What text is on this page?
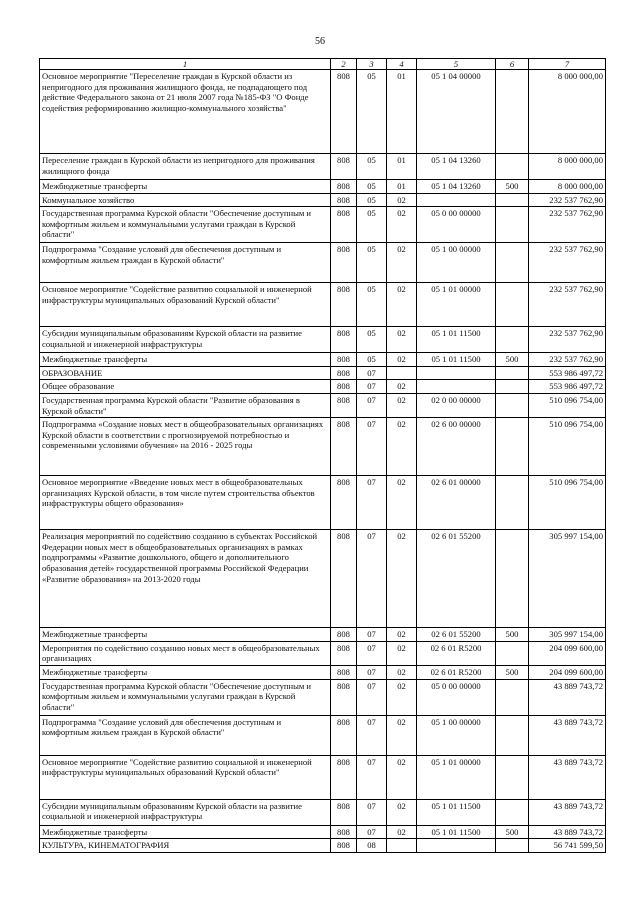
56
1	2	3	4	5	6	7
Основное мероприятие "Переселение граждан в Курской области из непригодного для проживания жилищного фонда, не подпадающего под действие Федерального закона от 21 июля 2007 года №185-ФЗ "О Фонде содействия реформированию жилищно-коммунального хозяйства"	808	05	01	05 1 04 00000		8 000 000,00
Переселение граждан в Курской области из непригодного для проживания жилищного фонда	808	05	01	05 1 04 13260		8 000 000,00
Межбюджетные трансферты	808	05	01	05 1 04 13260	500	8 000 000,00
Коммунальное хозяйство	808	05	02			232 537 762,90
Государственная программа Курской области "Обеспечение доступным и комфортным жильем и коммунальными услугами граждан в Курской области"	808	05	02	05 0 00 00000		232 537 762,90
Подпрограмма "Создание условий для обеспечения доступным и комфортным жильем граждан в Курской области"	808	05	02	05 1 00 00000		232 537 762,90
Основное мероприятие "Содействие развитию социальной и инженерной инфраструктуры муниципальных образований Курской области"	808	05	02	05 1 01 00000		232 537 762,90
Субсидии муниципальным образованиям Курской области на развитие социальной и инженерной инфраструктуры	808	05	02	05 1 01 11500		232 537 762,90
Межбюджетные трансферты	808	05	02	05 1 01 11500	500	232 537 762,90
ОБРАЗОВАНИЕ	808	07				553 986 497,72
Общее образование	808	07	02			553 986 497,72
Государственная программа Курской области "Развитие образования в Курской области"	808	07	02	02 0 00 00000		510 096 754,00
Подпрограмма «Создание новых мест в общеобразовательных организациях Курской области в соответствии с прогнозируемой потребностью и современными условиями обучения» на 2016 - 2025 годы	808	07	02	02 6 00 00000		510 096 754,00
Основное мероприятие «Введение новых мест в общеобразовательных организациях Курской области, в том числе путем строительства объектов инфраструктуры общего образования»	808	07	02	02 6 01 00000		510 096 754,00
Реализация мероприятий по содействию созданию в субъектах Российской Федерации новых мест в общеобразовательных организациях в рамках подпрограммы «Развитие дошкольного, общего и дополнительного образования детей» государственной программы Российской Федерации «Развитие образования» на 2013-2020 годы	808	07	02	02 6 01 55200		305 997 154,00
Межбюджетные трансферты	808	07	02	02 6 01 55200	500	305 997 154,00
Мероприятия по содействию созданию новых мест в общеобразовательных организациях	808	07	02	02 6 01 R5200		204 099 600,00
Межбюджетные трансферты	808	07	02	02 6 01 R5200	500	204 099 600,00
Государственная программа Курской области "Обеспечение доступным и комфортным жильем и коммунальными услугами граждан в Курской области"	808	07	02	05 0 00 00000		43 889 743,72
Подпрограмма "Создание условий для обеспечения доступным и комфортным жильем граждан в Курской области"	808	07	02	05 1 00 00000		43 889 743,72
Основное мероприятие "Содействие развитию социальной и инженерной инфраструктуры муниципальных образований Курской области"	808	07	02	05 1 01 00000		43 889 743,72
Субсидии муниципальным образованиям Курской области на развитие социальной и инженерной инфраструктуры	808	07	02	05 1 01 11500		43 889 743,72
Межбюджетные трансферты	808	07	02	05 1 01 11500	500	43 889 743,72
КУЛЬТУРА, КИНЕМАТОГРАФИЯ	808	08				56 741 599,50
